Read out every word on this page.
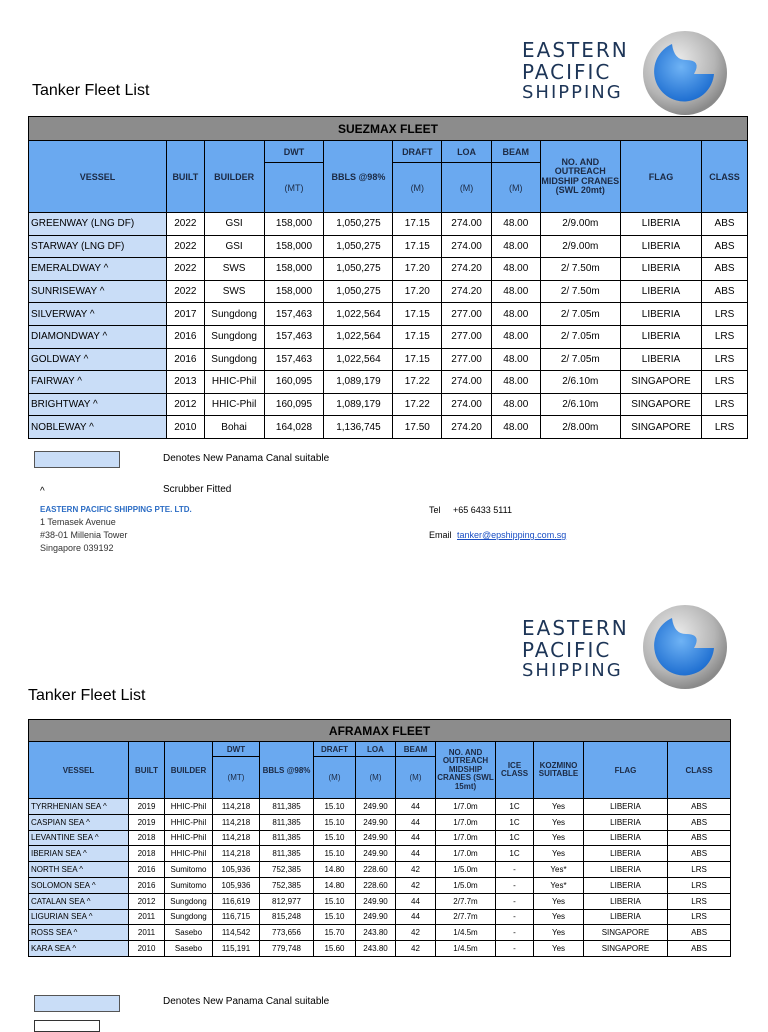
EASTERN
PACIFIC
SHIPPING
Tanker Fleet List
SUEZMAX FLEET										
VESSEL	BUILT	BUILDER	DWT	BBLS @98%	DRAFT	LOA	BEAM	NO. AND OUTREACH MIDSHIP CRANES (SWL 20mt)	FLAG	CLASS
			(MT)		(M)	(M)	(M)			
GREENWAY (LNG DF)	2022	GSI	158,000	1,050,275	17.15	274.00	48.00	2/9.00m	LIBERIA	ABS
STARWAY (LNG DF)	2022	GSI	158,000	1,050,275	17.15	274.00	48.00	2/9.00m	LIBERIA	ABS
EMERALDWAY ^	2022	SWS	158,000	1,050,275	17.20	274.20	48.00	2/ 7.50m	LIBERIA	ABS
SUNRISEWAY ^	2022	SWS	158,000	1,050,275	17.20	274.20	48.00	2/ 7.50m	LIBERIA	ABS
SILVERWAY ^	2017	Sungdong	157,463	1,022,564	17.15	277.00	48.00	2/ 7.05m	LIBERIA	LRS
DIAMONDWAY ^	2016	Sungdong	157,463	1,022,564	17.15	277.00	48.00	2/ 7.05m	LIBERIA	LRS
GOLDWAY ^	2016	Sungdong	157,463	1,022,564	17.15	277.00	48.00	2/ 7.05m	LIBERIA	LRS
FAIRWAY ^	2013	HHIC-Phil	160,095	1,089,179	17.22	274.00	48.00	2/6.10m	SINGAPORE	LRS
BRIGHTWAY ^	2012	HHIC-Phil	160,095	1,089,179	17.22	274.00	48.00	2/6.10m	SINGAPORE	LRS
NOBLEWAY ^	2010	Bohai	164,028	1,136,745	17.50	274.20	48.00	2/8.00m	SINGAPORE	LRS
Denotes New Panama Canal suitable
^	Scrubber Fitted
EASTERN PACIFIC SHIPPING PTE. LTD.
1 Temasek Avenue
#38-01 Millenia Tower
Singapore 039192
Tel +65 6433 5111
Email tanker@epshipping.com.sg
EASTERN
PACIFIC
SHIPPING
Tanker Fleet List
AFRAMAX FLEET												
VESSEL	BUILT	BUILDER	DWT	BBLS @98%	DRAFT	LOA	BEAM	NO. AND OUTREACH MIDSHIP CRANES (SWL 15mt)	ICE CLASS	KOZMINO SUITABLE	FLAG	CLASS
			(MT)		(M)	(M)	(M)					
TYRRHENIAN SEA ^	2019	HHIC-Phil	114,218	811,385	15.10	249.90	44	1/7.0m	1C	Yes	LIBERIA	ABS
CASPIAN SEA ^	2019	HHIC-Phil	114,218	811,385	15.10	249.90	44	1/7.0m	1C	Yes	LIBERIA	ABS
LEVANTINE SEA ^	2018	HHIC-Phil	114,218	811,385	15.10	249.90	44	1/7.0m	1C	Yes	LIBERIA	ABS
IBERIAN SEA ^	2018	HHIC-Phil	114,218	811,385	15.10	249.90	44	1/7.0m	1C	Yes	LIBERIA	ABS
NORTH SEA ^	2016	Sumitomo	105,936	752,385	14.80	228.60	42	1/5.0m	-	Yes*	LIBERIA	LRS
SOLOMON SEA ^	2016	Sumitomo	105,936	752,385	14.80	228.60	42	1/5.0m	-	Yes*	LIBERIA	LRS
CATALAN SEA ^	2012	Sungdong	116,619	812,977	15.10	249.90	44	2/7.7m	-	Yes	LIBERIA	LRS
LIGURIAN SEA ^	2011	Sungdong	116,715	815,248	15.10	249.90	44	2/7.7m	-	Yes	LIBERIA	LRS
ROSS SEA ^	2011	Sasebo	114,542	773,656	15.70	243.80	42	1/4.5m	-	Yes	SINGAPORE	ABS
KARA SEA ^	2010	Sasebo	115,191	779,748	15.60	243.80	42	1/4.5m	-	Yes	SINGAPORE	ABS
Denotes New Panama Canal suitable
